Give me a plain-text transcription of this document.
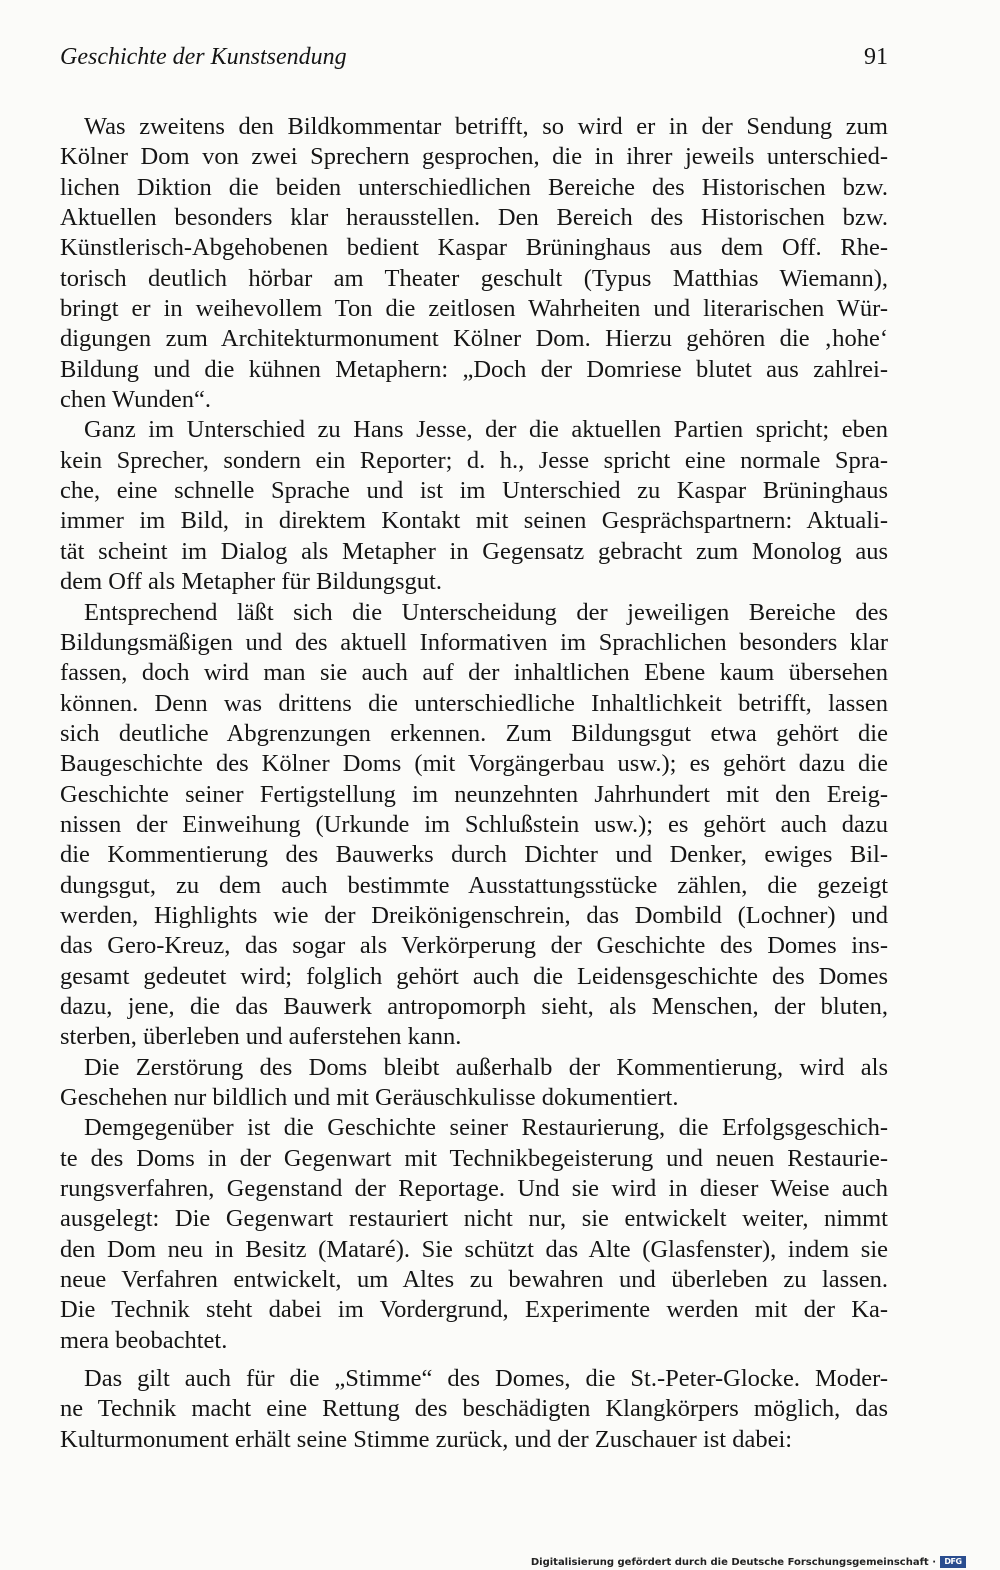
Geschichte der Kunstsendung	91
Was zweitens den Bildkommentar betrifft, so wird er in der Sendung zum
Kölner Dom von zwei Sprechern gesprochen, die in ihrer jeweils unterschied-
lichen Diktion die beiden unterschiedlichen Bereiche des Historischen bzw.
Aktuellen besonders klar herausstellen. Den Bereich des Historischen bzw.
Künstlerisch-Abgehobenen bedient Kaspar Brüninghaus aus dem Off. Rhe-
torisch deutlich hörbar am Theater geschult (Typus Matthias Wiemann),
bringt er in weihevollem Ton die zeitlosen Wahrheiten und literarischen Wür-
digungen zum Architekturmonument Kölner Dom. Hierzu gehören die ‚hohe‘
Bildung und die kühnen Metaphern: „Doch der Domriese blutet aus zahlrei-
chen Wunden“.
Ganz im Unterschied zu Hans Jesse, der die aktuellen Partien spricht; eben
kein Sprecher, sondern ein Reporter; d. h., Jesse spricht eine normale Spra-
che, eine schnelle Sprache und ist im Unterschied zu Kaspar Brüninghaus
immer im Bild, in direktem Kontakt mit seinen Gesprächspartnern: Aktuali-
tät scheint im Dialog als Metapher in Gegensatz gebracht zum Monolog aus
dem Off als Metapher für Bildungsgut.
Entsprechend läßt sich die Unterscheidung der jeweiligen Bereiche des
Bildungsmäßigen und des aktuell Informativen im Sprachlichen besonders klar
fassen, doch wird man sie auch auf der inhaltlichen Ebene kaum übersehen
können. Denn was drittens die unterschiedliche Inhaltlichkeit betrifft, lassen
sich deutliche Abgrenzungen erkennen. Zum Bildungsgut etwa gehört die
Baugeschichte des Kölner Doms (mit Vorgängerbau usw.); es gehört dazu die
Geschichte seiner Fertigstellung im neunzehnten Jahrhundert mit den Ereig-
nissen der Einweihung (Urkunde im Schlußstein usw.); es gehört auch dazu
die Kommentierung des Bauwerks durch Dichter und Denker, ewiges Bil-
dungsgut, zu dem auch bestimmte Ausstattungsstücke zählen, die gezeigt
werden, Highlights wie der Dreikönigenschrein, das Dombild (Lochner) und
das Gero-Kreuz, das sogar als Verkörperung der Geschichte des Domes ins-
gesamt gedeutet wird; folglich gehört auch die Leidensgeschichte des Domes
dazu, jene, die das Bauwerk antropomorph sieht, als Menschen, der bluten,
sterben, überleben und auferstehen kann.
Die Zerstörung des Doms bleibt außerhalb der Kommentierung, wird als
Geschehen nur bildlich und mit Geräuschkulisse dokumentiert.
Demgegenüber ist die Geschichte seiner Restaurierung, die Erfolgsgeschich-
te des Doms in der Gegenwart mit Technikbegeisterung und neuen Restaurie-
rungsverfahren, Gegenstand der Reportage. Und sie wird in dieser Weise auch
ausgelegt: Die Gegenwart restauriert nicht nur, sie entwickelt weiter, nimmt
den Dom neu in Besitz (Mataré). Sie schützt das Alte (Glasfenster), indem sie
neue Verfahren entwickelt, um Altes zu bewahren und überleben zu lassen.
Die Technik steht dabei im Vordergrund, Experimente werden mit der Ka-
mera beobachtet.
Das gilt auch für die „Stimme“ des Domes, die St.-Peter-Glocke. Moder-
ne Technik macht eine Rettung des beschädigten Klangkörpers möglich, das
Kulturmonument erhält seine Stimme zurück, und der Zuschauer ist dabei:
Digitalisierung gefördert durch die Deutsche Forschungsgemeinschaft ·	DFG
